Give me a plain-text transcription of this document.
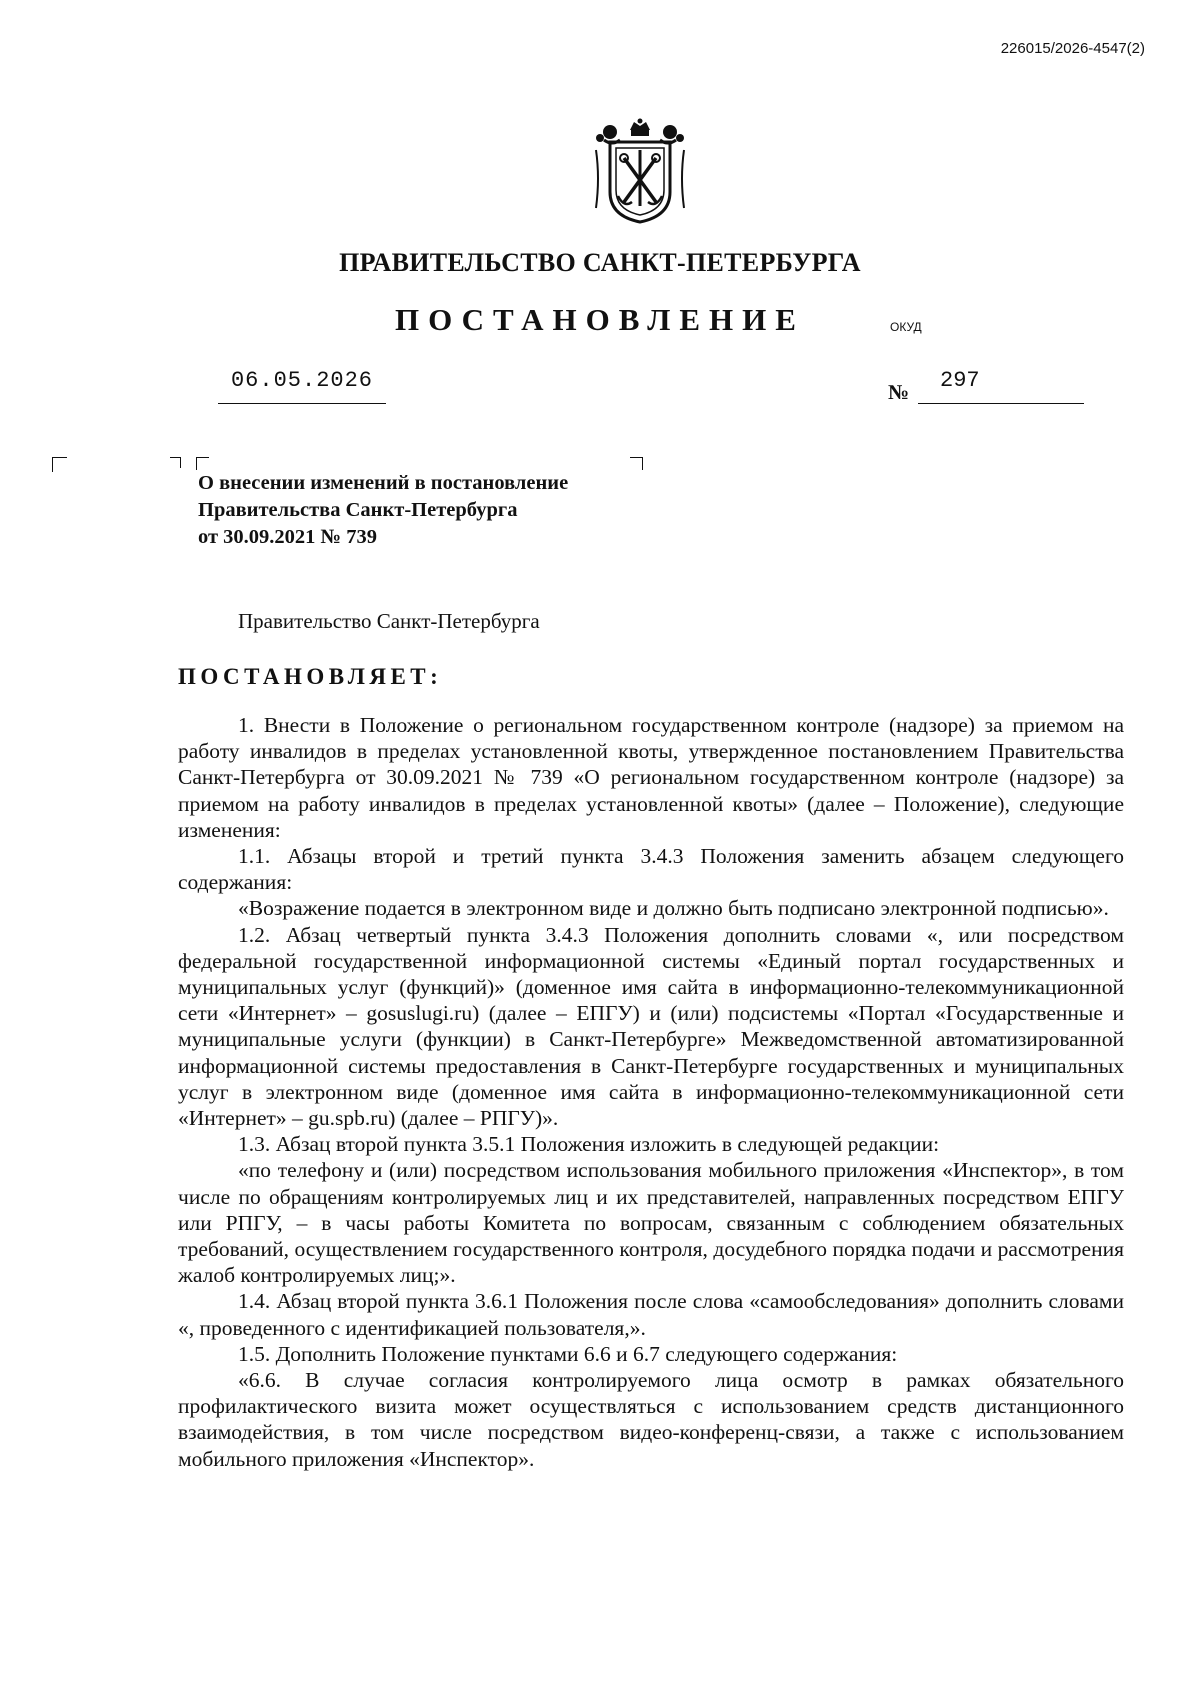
226015/2026-4547(2)
ПРАВИТЕЛЬСТВО САНКТ-ПЕТЕРБУРГА
ПОСТАНОВЛЕНИЕ	ОКУД
06.05.2026	№ 297
О внесении изменений в постановление
Правительства Санкт-Петербурга
от 30.09.2021 № 739
Правительство Санкт-Петербурга
ПОСТАНОВЛЯЕТ:

1. Внести в Положение о региональном государственном контроле (надзоре) за приемом на работу инвалидов в пределах установленной квоты, утвержденное постановлением Правительства Санкт-Петербурга от 30.09.2021 № 739 «О региональном государственном контроле (надзоре) за приемом на работу инвалидов в пределах установленной квоты» (далее – Положение), следующие изменения:

1.1. Абзацы второй и третий пункта 3.4.3 Положения заменить абзацем следующего содержания:

«Возражение подается в электронном виде и должно быть подписано электронной подписью».

1.2. Абзац четвертый пункта 3.4.3 Положения дополнить словами «, или посредством федеральной государственной информационной системы «Единый портал государственных и муниципальных услуг (функций)» (доменное имя сайта в информационно-телекоммуникационной сети «Интернет» – gosuslugi.ru) (далее – ЕПГУ) и (или) подсистемы «Портал «Государственные и муниципальные услуги (функции) в Санкт-Петербурге» Межведомственной автоматизированной информационной системы предоставления в Санкт-Петербурге государственных и муниципальных услуг в электронном виде (доменное имя сайта в информационно-телекоммуникационной сети «Интернет» – gu.spb.ru) (далее – РПГУ)».

1.3. Абзац второй пункта 3.5.1 Положения изложить в следующей редакции:

«по телефону и (или) посредством использования мобильного приложения «Инспектор», в том числе по обращениям контролируемых лиц и их представителей, направленных посредством ЕПГУ или РПГУ, – в часы работы Комитета по вопросам, связанным с соблюдением обязательных требований, осуществлением государственного контроля, досудебного порядка подачи и рассмотрения жалоб контролируемых лиц;».

1.4. Абзац второй пункта 3.6.1 Положения после слова «самообследования» дополнить словами «, проведенного с идентификацией пользователя,».

1.5. Дополнить Положение пунктами 6.6 и 6.7 следующего содержания:

«6.6. В случае согласия контролируемого лица осмотр в рамках обязательного профилактического визита может осуществляться с использованием средств дистанционного взаимодействия, в том числе посредством видео-конференц-связи, а также с использованием мобильного приложения «Инспектор».
